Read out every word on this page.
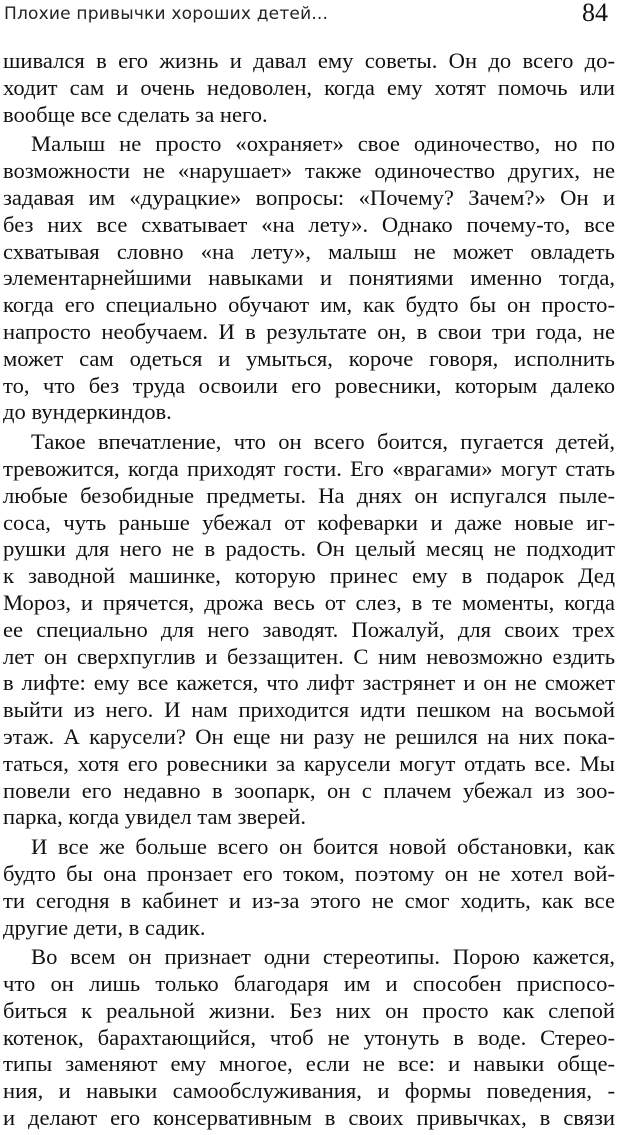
Плохие привычки хороших детей...	84
шивался в его жизнь и давал ему советы. Он до всего до-
ходит сам и очень недоволен, когда ему хотят помочь или
вообще все сделать за него.
Малыш не просто «охраняет» свое одиночество, но по
возможности не «нарушает» также одиночество других, не
задавая им «дурацкие» вопросы: «Почему? Зачем?» Он и
без них все схватывает «на лету». Однако почему-то, все
схватывая словно «на лету», малыш не может овладеть
элементарнейшими навыками и понятиями именно тогда,
когда его специально обучают им, как будто бы он просто-
напросто необучаем. И в результате он, в свои три года, не
может сам одеться и умыться, короче говоря, исполнить
то, что без труда освоили его ровесники, которым далеко
до вундеркиндов.
Такое впечатление, что он всего боится, пугается детей,
тревожится, когда приходят гости. Его «врагами» могут стать
любые безобидные предметы. На днях он испугался пыле-
соса, чуть раньше убежал от кофеварки и даже новые иг-
рушки для него не в радость. Он целый месяц не подходит
к заводной машинке, которую принес ему в подарок Дед
Мороз, и прячется, дрожа весь от слез, в те моменты, когда
ее специально для него заводят. Пожалуй, для своих трех
лет он сверхпуглив и беззащитен. С ним невозможно ездить
в лифте: ему все кажется, что лифт застрянет и он не сможет
выйти из него. И нам приходится идти пешком на восьмой
этаж. А карусели? Он еще ни разу не решился на них пока-
таться, хотя его ровесники за карусели могут отдать все. Мы
повели его недавно в зоопарк, он с плачем убежал из зоо-
парка, когда увидел там зверей.
И все же больше всего он боится новой обстановки, как
будто бы она пронзает его током, поэтому он не хотел вой-
ти сегодня в кабинет и из-за этого не смог ходить, как все
другие дети, в садик.
Во всем он признает одни стереотипы. Порою кажется,
что он лишь только благодаря им и способен приспосо-
биться к реальной жизни. Без них он просто как слепой
котенок, барахтающийся, чтоб не утонуть в воде. Стерео-
типы заменяют ему многое, если не все: и навыки обще-
ния, и навыки самообслуживания, и формы поведения, -
и делают его консервативным в своих привычках, в связи
